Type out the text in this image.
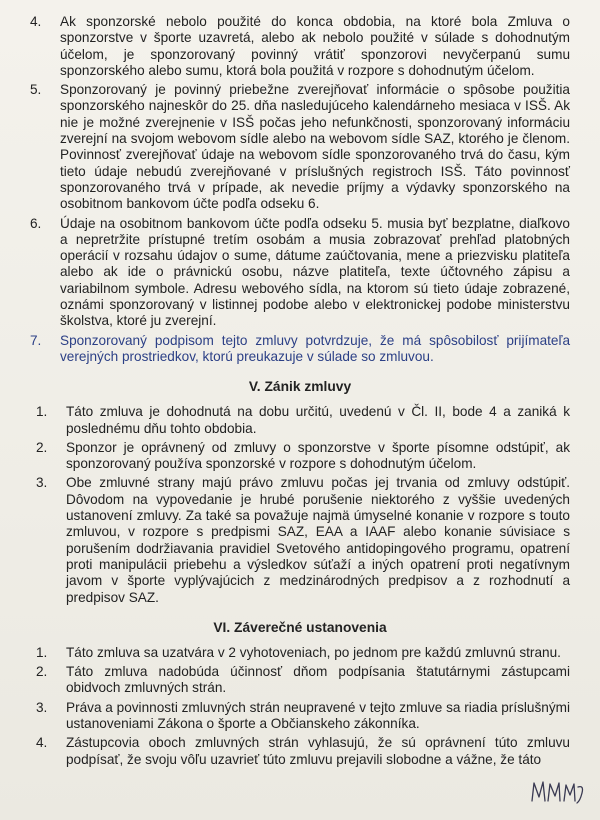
4.	Ak sponzorské nebolo použité do konca obdobia, na ktoré bola Zmluva o sponzorstve v športe uzavretá, alebo ak nebolo použité v súlade s dohodnutým účelom, je sponzorovaný povinný vrátiť sponzorovi nevyčerpanú sumu sponzorského alebo sumu, ktorá bola použitá v rozpore s dohodnutým účelom.
5.	Sponzorovaný je povinný priebežne zverejňovať informácie o spôsobe použitia sponzorského najneskôr do 25. dňa nasledujúceho kalendárneho mesiaca v ISŠ. Ak nie je možné zverejnenie v ISŠ počas jeho nefunkčnosti, sponzorovaný informáciu zverejní na svojom webovom sídle alebo na webovom sídle SAZ, ktorého je členom. Povinnosť zverejňovať údaje na webovom sídle sponzorovaného trvá do času, kým tieto údaje nebudú zverejňované v príslušných registroch ISŠ. Táto povinnosť sponzorovaného trvá v prípade, ak nevedie príjmy a výdavky sponzorského na osobitnom bankovom účte podľa odseku 6.
6.	Údaje na osobitnom bankovom účte podľa odseku 5. musia byť bezplatne, diaľkovo a nepretržite prístupné tretím osobám a musia zobrazovať prehľad platobných operácií v rozsahu údajov o sume, dátume zaúčtovania, mene a priezvisku platiteľa alebo ak ide o právnickú osobu, názve platiteľa, texte účtovného zápisu a variabilnom symbole. Adresu webového sídla, na ktorom sú tieto údaje zobrazené, oznámi sponzorovaný v listinnej podobe alebo v elektronickej podobe ministerstvu školstva, ktoré ju zverejní.
7.	Sponzorovaný podpisom tejto zmluvy potvrdzuje, že má spôsobilosť prijímateľa verejných prostriedkov, ktorú preukazuje v súlade so zmluvou.
V. Zánik zmluvy
1.	Táto zmluva je dohodnutá na dobu určitú, uvedenú v Čl. II, bode 4 a zaniká k poslednému dňu tohto obdobia.
2.	Sponzor je oprávnený od zmluvy o sponzorstve v športe písomne odstúpiť, ak sponzorovaný používa sponzorské v rozpore s dohodnutým účelom.
3.	Obe zmluvné strany majú právo zmluvu počas jej trvania od zmluvy odstúpiť. Dôvodom na vypovedanie je hrubé porušenie niektorého z vyššie uvedených ustanovení zmluvy. Za také sa považuje najmä úmyselné konanie v rozpore s touto zmluvou, v rozpore s predpismi SAZ, EAA a IAAF alebo konanie súvisiace s porušením dodržiavania pravidiel Svetového antidopingového programu, opatrení proti manipulácii priebehu a výsledkov súťaží a iných opatrení proti negatívnym javom v športe vyplývajúcich z medzinárodných predpisov a z rozhodnutí a predpisov SAZ.
VI. Záverečné ustanovenia
1.	Táto zmluva sa uzatvára v 2 vyhotoveniach, po jednom pre každú zmluvnú stranu.
2.	Táto zmluva nadobúda účinnosť dňom podpísania štatutárnymi zástupcami obidvoch zmluvných strán.
3.	Práva a povinnosti zmluvných strán neupravené v tejto zmluve sa riadia príslušnými ustanoveniami Zákona o športe a Občianskeho zákonníka.
4.	Zástupcovia oboch zmluvných strán vyhlasujú, že sú oprávnení túto zmluvu podpísať, že svoju vôľu uzavrieť túto zmluvu prejavili slobodne a vážne, že táto
